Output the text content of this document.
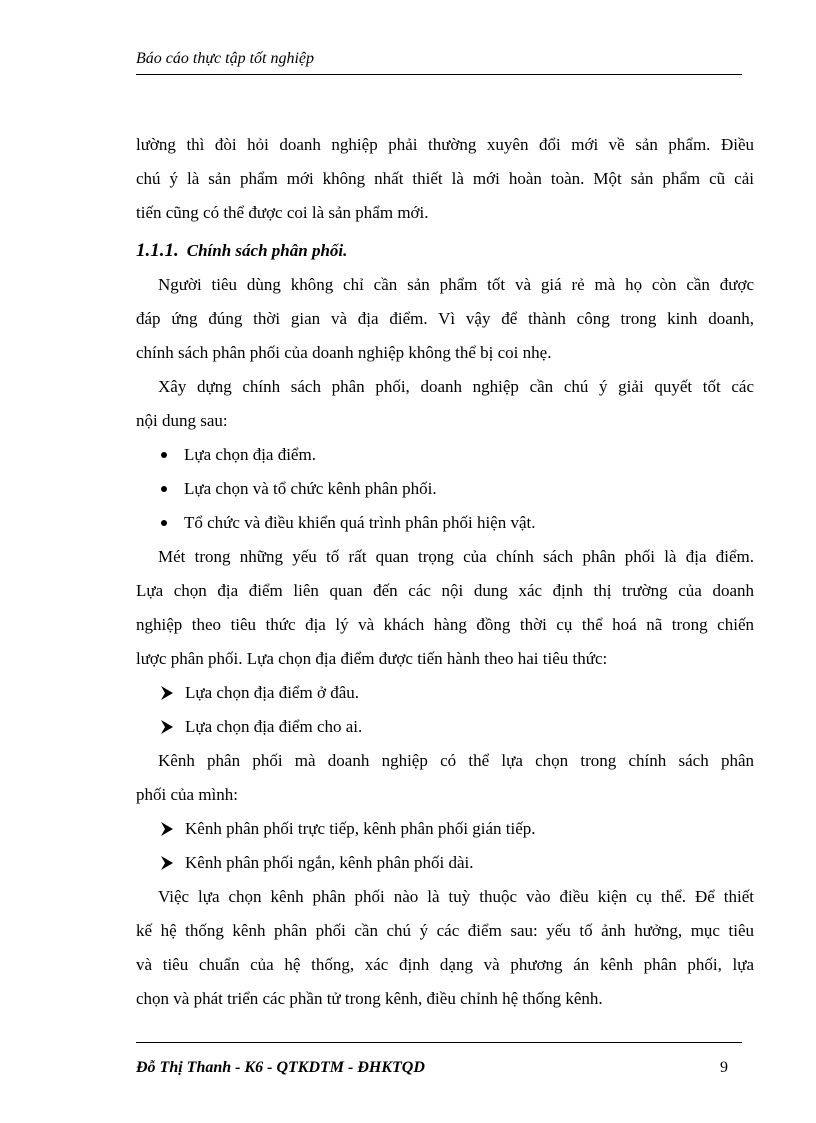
Báo cáo thực tập tốt nghiệp

lường thì đòi hỏi doanh nghiệp phải thường xuyên đổi mới về sản phẩm. Điều
chú ý là sản phẩm mới không nhất thiết là mới hoàn toàn. Một sản phẩm cũ cải
tiến cũng có thể được coi là sản phẩm mới.

1.1.1. Chính sách phân phối.

Người tiêu dùng không chỉ cần sản phẩm tốt và giá rẻ mà họ còn cần được
đáp ứng đúng thời gian và địa điểm. Vì vậy để thành công trong kinh doanh,
chính sách phân phối của doanh nghiệp không thể bị coi nhẹ.

Xây dựng chính sách phân phối, doanh nghiệp cần chú ý giải quyết tốt các
nội dung sau:

Lựa chọn địa điểm.
Lựa chọn và tổ chức kênh phân phối.
Tổ chức và điều khiển quá trình phân phối hiện vật.

Mét trong những yếu tố rất quan trọng của chính sách phân phối là địa điểm.
Lựa chọn địa điểm liên quan đến các nội dung xác định thị trường của doanh
nghiệp theo tiêu thức địa lý và khách hàng đồng thời cụ thể hoá nã trong chiến
lược phân phối. Lựa chọn địa điểm được tiến hành theo hai tiêu thức:

Lựa chọn địa điểm ở đâu.
Lựa chọn địa điểm cho ai.

Kênh phân phối mà doanh nghiệp có thể lựa chọn trong chính sách phân
phối của mình:

Kênh phân phối trực tiếp, kênh phân phối gián tiếp.
Kênh phân phối ngắn, kênh phân phối dài.

Việc lựa chọn kênh phân phối nào là tuỳ thuộc vào điều kiện cụ thể. Để thiết
kế hệ thống kênh phân phối cần chú ý các điểm sau: yếu tố ảnh hưởng, mục tiêu
và tiêu chuẩn của hệ thống, xác định dạng và phương án kênh phân phối, lựa
chọn và phát triển các phần tử trong kênh, điều chỉnh hệ thống kênh.

Đỗ Thị Thanh - K6 - QTKDTM - ĐHKTQD	9
